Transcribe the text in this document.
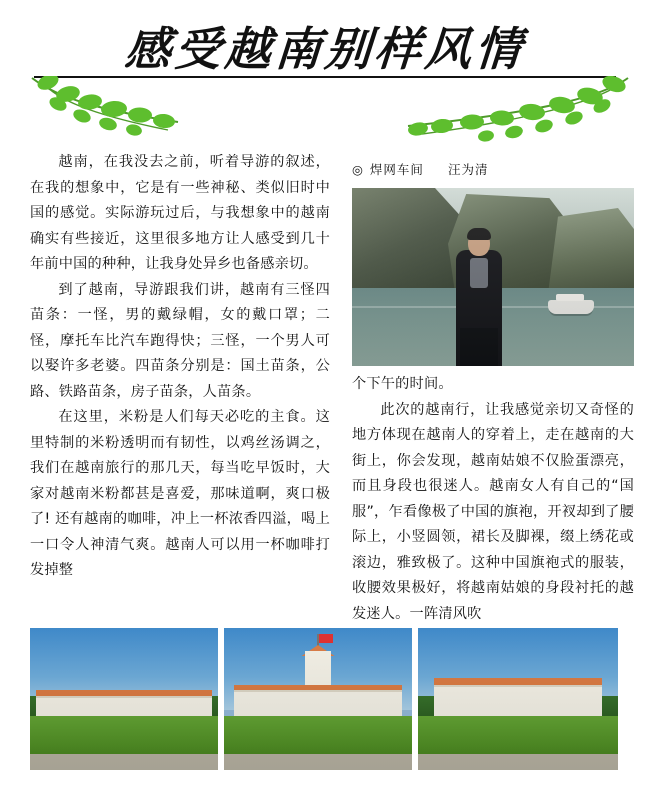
感受越南别样风情
◎ 焊网车间 汪为清

越南，在我没去之前，听着导游的叙述，在我的想象中，它是有一些神秘、类似旧时中国的感觉。实际游玩过后，与我想象中的越南确实有些接近，这里很多地方让人感受到几十年前中国的种种，让我身处异乡也备感亲切。

到了越南，导游跟我们讲，越南有三怪四苗条：一怪，男的戴绿帽，女的戴口罩；二怪，摩托车比汽车跑得快；三怪，一个男人可以娶许多老婆。四苗条分别是：国土苗条，公路、铁路苗条，房子苗条，人苗条。

在这里，米粉是人们每天必吃的主食。这里特制的米粉透明而有韧性，以鸡丝汤调之，我们在越南旅行的那几天，每当吃早饭时，大家对越南米粉都甚是喜爱，那味道啊，爽口极了! 还有越南的咖啡，冲上一杯浓香四溢，喝上一口令人神清气爽。越南人可以用一杯咖啡打发掉整

个下午的时间。

此次的越南行，让我感觉亲切又奇怪的地方体现在越南人的穿着上，走在越南的大街上，你会发现，越南姑娘不仅脸蛋漂亮，而且身段也很迷人。越南女人有自己的“国服”，乍看像极了中国的旗袍，开衩却到了腰际上，小竖圆领，裙长及脚裸，缀上绣花或滚边，雅致极了。这种中国旗袍式的服装，收腰效果极好，将越南姑娘的身段衬托的越发迷人。一阵清风吹
